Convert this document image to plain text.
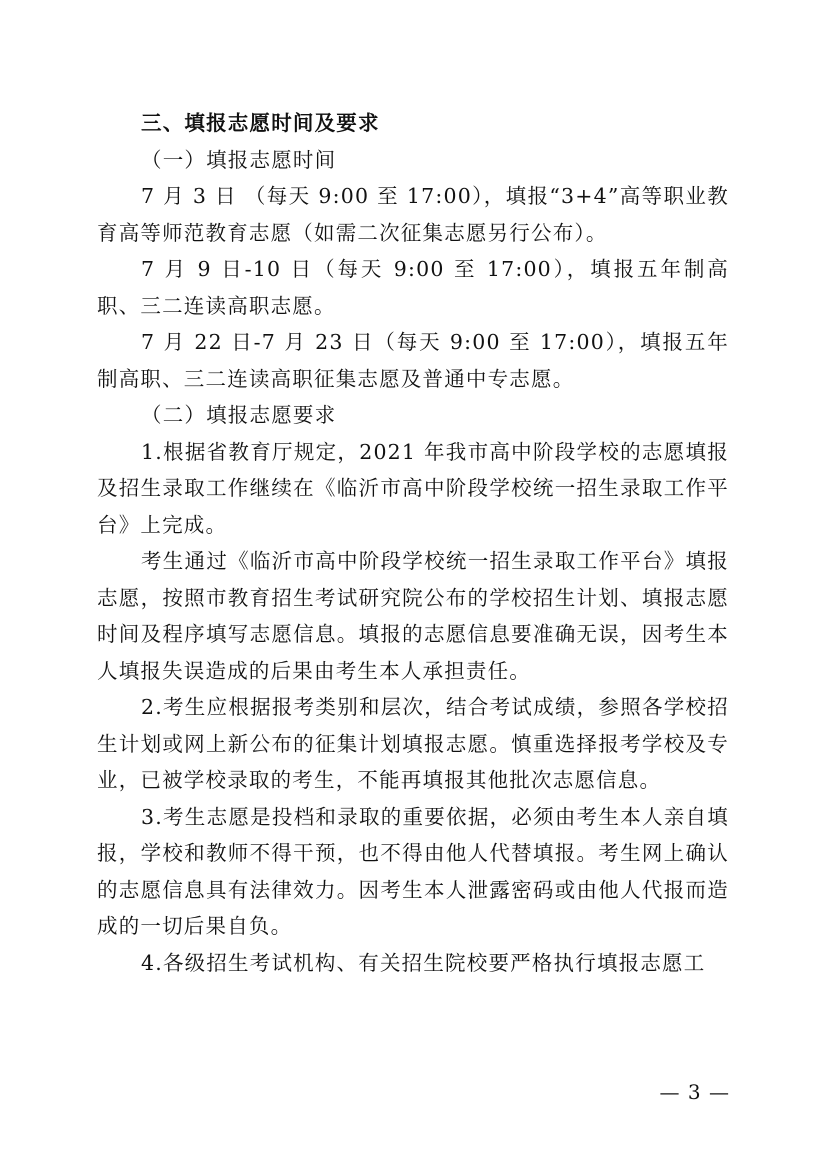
三、填报志愿时间及要求

（一）填报志愿时间

7 月 3 日 （每天 9:00 至 17:00），填报“3+4”高等职业教育高等师范教育志愿（如需二次征集志愿另行公布）。

7 月 9 日-10 日（每天 9:00 至 17:00），填报五年制高职、三二连读高职志愿。

7 月 22 日-7 月 23 日（每天 9:00 至 17:00），填报五年制高职、三二连读高职征集志愿及普通中专志愿。

（二）填报志愿要求

1.根据省教育厅规定，2021 年我市高中阶段学校的志愿填报及招生录取工作继续在《临沂市高中阶段学校统一招生录取工作平台》上完成。

考生通过《临沂市高中阶段学校统一招生录取工作平台》填报志愿，按照市教育招生考试研究院公布的学校招生计划、填报志愿时间及程序填写志愿信息。填报的志愿信息要准确无误，因考生本人填报失误造成的后果由考生本人承担责任。

2.考生应根据报考类别和层次，结合考试成绩，参照各学校招生计划或网上新公布的征集计划填报志愿。慎重选择报考学校及专业，已被学校录取的考生，不能再填报其他批次志愿信息。

3.考生志愿是投档和录取的重要依据，必须由考生本人亲自填报，学校和教师不得干预，也不得由他人代替填报。考生网上确认的志愿信息具有法律效力。因考生本人泄露密码或由他人代报而造成的一切后果自负。

4.各级招生考试机构、有关招生院校要严格执行填报志愿工

— 3 —
